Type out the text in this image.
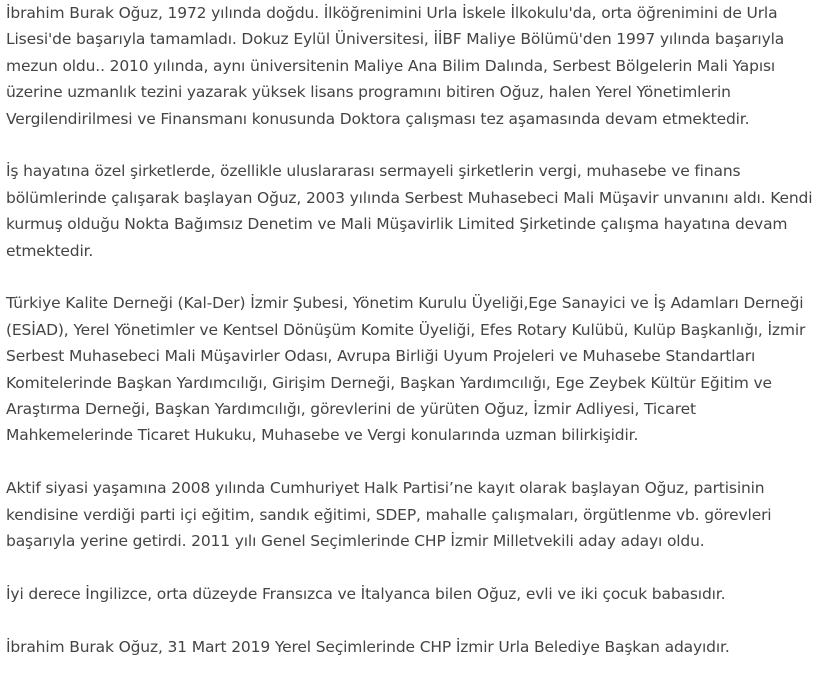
İbrahim Burak Oğuz, 1972 yılında doğdu. İlköğrenimini Urla İskele İlkokulu'da, orta öğrenimini de Urla Lisesi'de başarıyla tamamladı. Dokuz Eylül Üniversitesi, İİBF Maliye Bölümü'den 1997 yılında başarıyla mezun oldu.. 2010 yılında, aynı üniversitenin Maliye Ana Bilim Dalında, Serbest Bölgelerin Mali Yapısı üzerine uzmanlık tezini yazarak yüksek lisans programını bitiren Oğuz, halen Yerel Yönetimlerin Vergilendirilmesi ve Finansmanı konusunda Doktora çalışması tez aşamasında devam etmektedir.

İş hayatına özel şirketlerde, özellikle uluslararası sermayeli şirketlerin vergi, muhasebe ve finans bölümlerinde çalışarak başlayan Oğuz, 2003 yılında Serbest Muhasebeci Mali Müşavir unvanını aldı. Kendi kurmuş olduğu Nokta Bağımsız Denetim ve Mali Müşavirlik Limited Şirketinde çalışma hayatına devam etmektedir.

Türkiye Kalite Derneği (Kal-Der) İzmir Şubesi, Yönetim Kurulu Üyeliği,Ege Sanayici ve İş Adamları Derneği (ESİAD), Yerel Yönetimler ve Kentsel Dönüşüm Komite Üyeliği, Efes Rotary Kulübü, Kulüp Başkanlığı, İzmir Serbest Muhasebeci Mali Müşavirler Odası, Avrupa Birliği Uyum Projeleri ve Muhasebe Standartları Komitelerinde Başkan Yardımcılığı, Girişim Derneği, Başkan Yardımcılığı, Ege Zeybek Kültür Eğitim ve Araştırma Derneği, Başkan Yardımcılığı, görevlerini de yürüten Oğuz, İzmir Adliyesi, Ticaret Mahkemelerinde Ticaret Hukuku, Muhasebe ve Vergi konularında uzman bilirkişidir.

Aktif siyasi yaşamına 2008 yılında Cumhuriyet Halk Partisi’ne kayıt olarak başlayan Oğuz, partisinin kendisine verdiği parti içi eğitim, sandık eğitimi, SDEP, mahalle çalışmaları, örgütlenme vb. görevleri başarıyla yerine getirdi. 2011 yılı Genel Seçimlerinde CHP İzmir Milletvekili aday adayı oldu.

İyi derece İngilizce, orta düzeyde Fransızca ve İtalyanca bilen Oğuz, evli ve iki çocuk babasıdır.

İbrahim Burak Oğuz, 31 Mart 2019 Yerel Seçimlerinde CHP İzmir Urla Belediye Başkan adayıdır.
